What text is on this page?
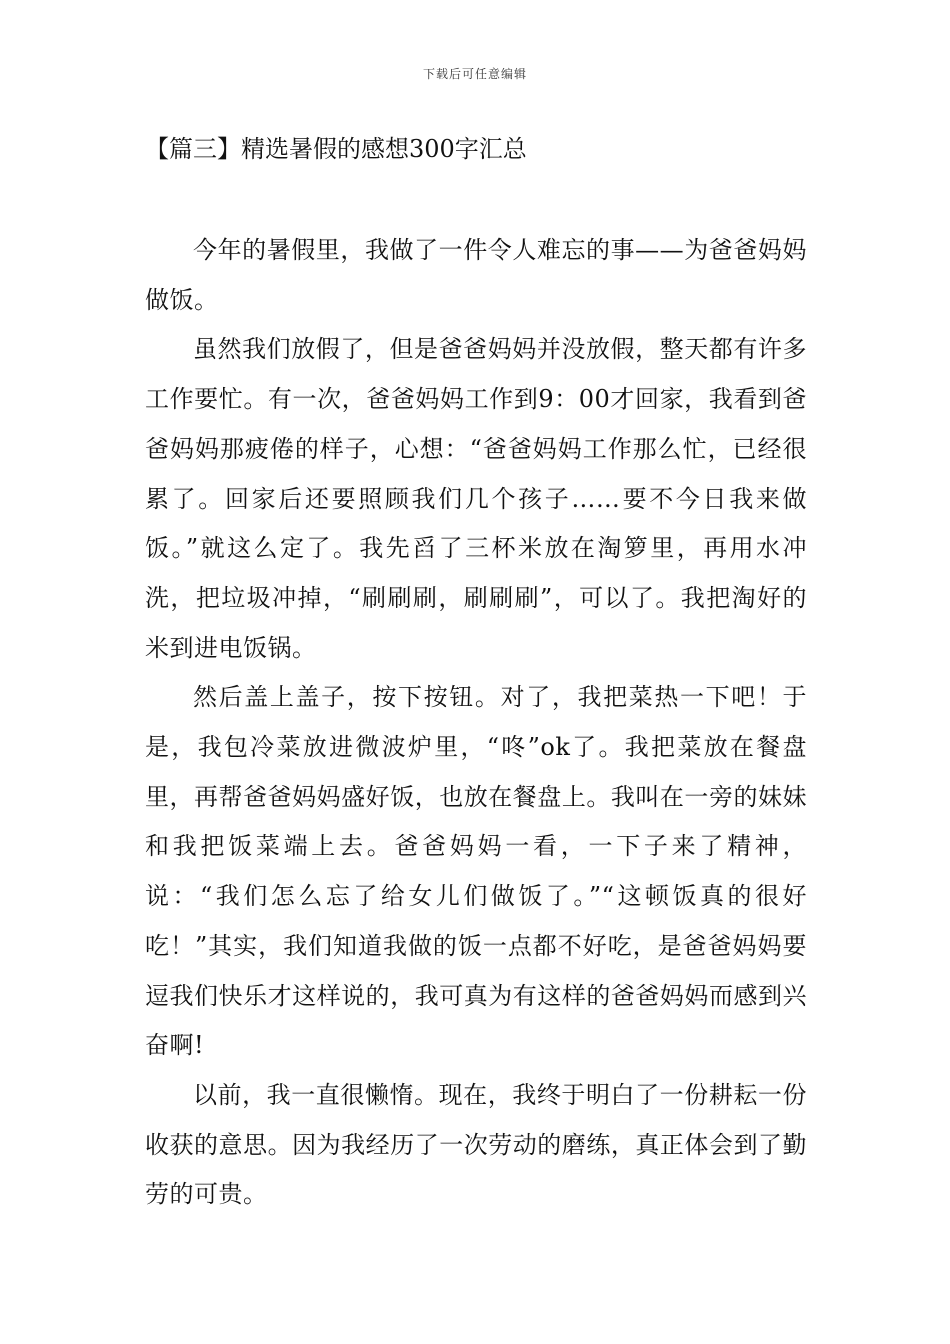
下载后可任意编辑
【篇三】精选暑假的感想300字汇总

今年的暑假里，我做了一件令人难忘的事——为爸爸妈妈做饭。

虽然我们放假了，但是爸爸妈妈并没放假，整天都有许多工作要忙。有一次，爸爸妈妈工作到9：00才回家，我看到爸爸妈妈那疲倦的样子，心想：“爸爸妈妈工作那么忙，已经很累了。回家后还要照顾我们几个孩子……要不今日我来做饭。”就这么定了。我先舀了三杯米放在淘箩里，再用水冲洗，把垃圾冲掉，“刷刷刷，刷刷刷”，可以了。我把淘好的米到进电饭锅。

然后盖上盖子，按下按钮。对了，我把菜热一下吧！于是，我包冷菜放进微波炉里，“咚”ok了。我把菜放在餐盘里，再帮爸爸妈妈盛好饭，也放在餐盘上。我叫在一旁的妹妹和我把饭菜端上去。爸爸妈妈一看，一下子来了精神，说：“我们怎么忘了给女儿们做饭了。”“这顿饭真的很好吃！”其实，我们知道我做的饭一点都不好吃，是爸爸妈妈要逗我们快乐才这样说的，我可真为有这样的爸爸妈妈而感到兴奋啊!

以前，我一直很懒惰。现在，我终于明白了一份耕耘一份收获的意思。因为我经历了一次劳动的磨练，真正体会到了勤劳的可贵。
